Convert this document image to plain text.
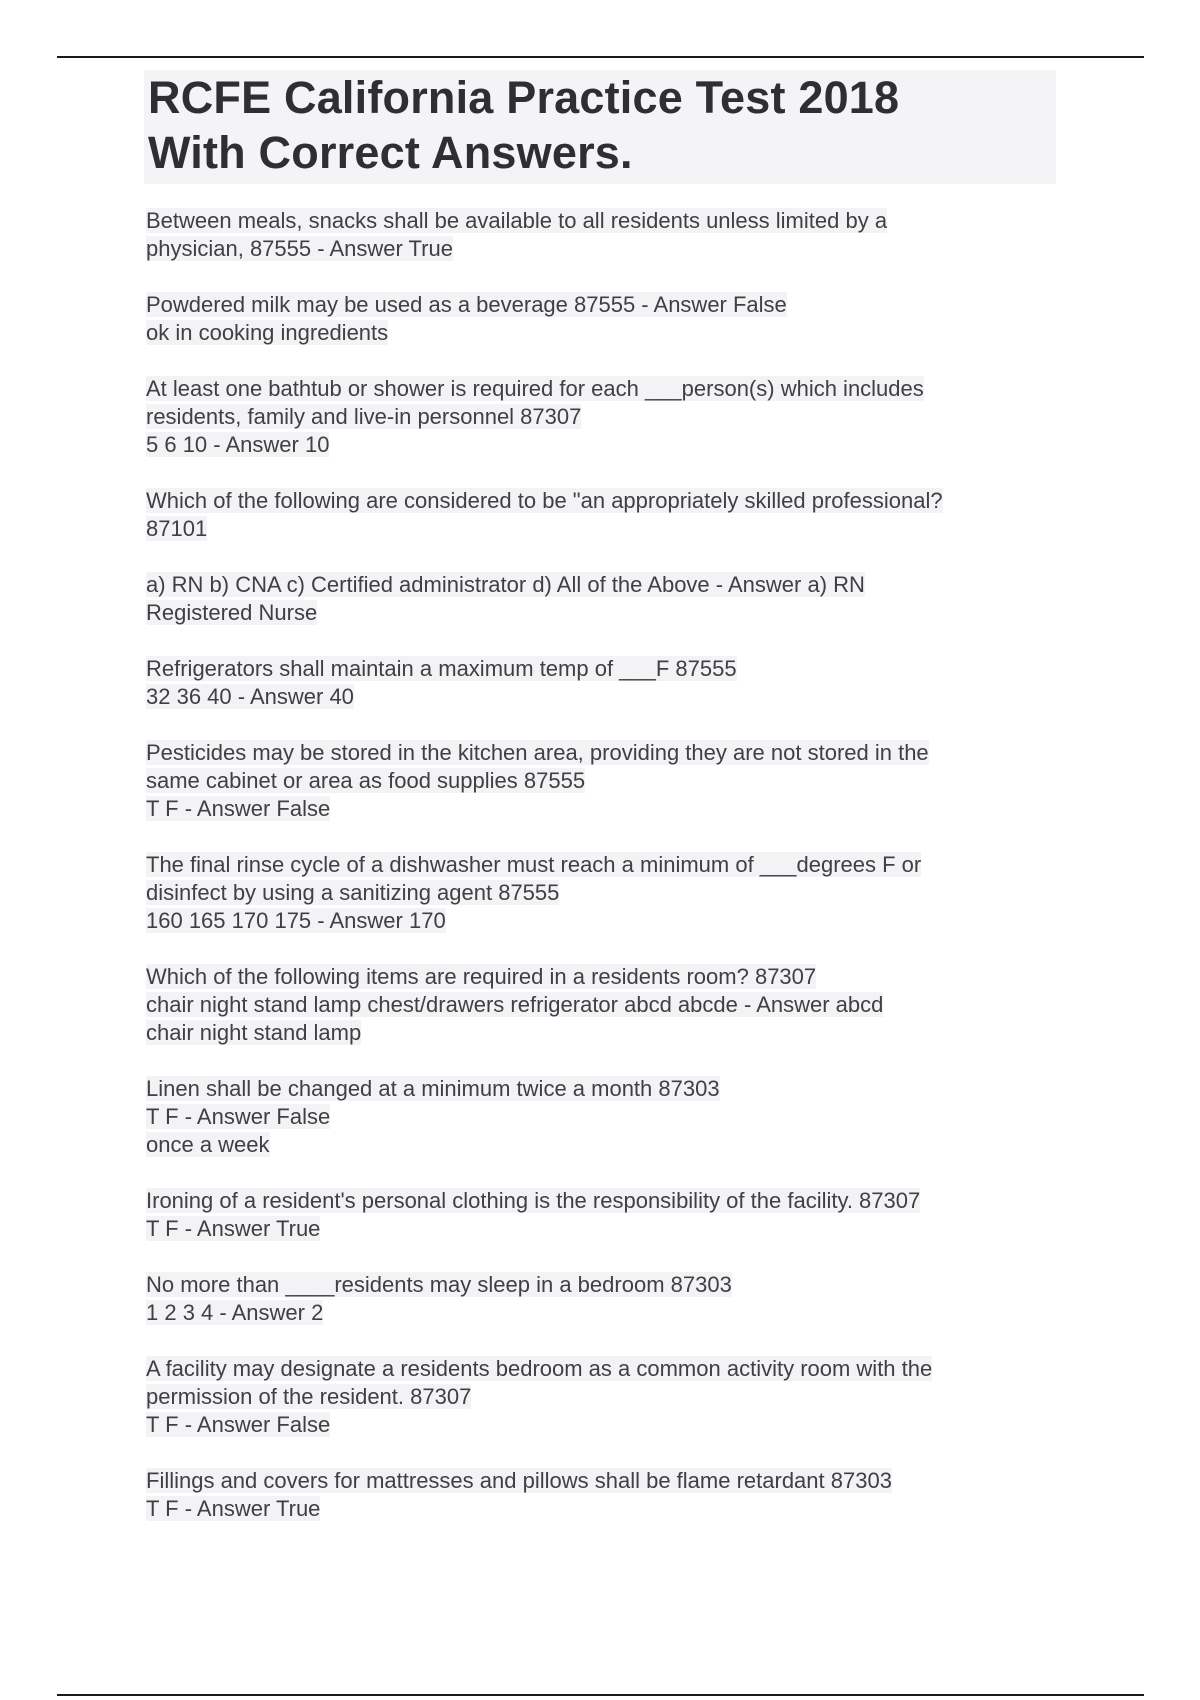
RCFE California Practice Test 2018
With Correct Answers.
Between meals, snacks shall be available to all residents unless limited by a
physician, 87555 - Answer True
Powdered milk may be used as a beverage 87555 - Answer False
ok in cooking ingredients
At least one bathtub or shower is required for each ___person(s) which includes
residents, family and live-in personnel 87307
5 6 10 - Answer 10
Which of the following are considered to be "an appropriately skilled professional?
87101
a) RN b) CNA c) Certified administrator d) All of the Above - Answer a) RN
Registered Nurse
Refrigerators shall maintain a maximum temp of ___F 87555
32 36 40 - Answer 40
Pesticides may be stored in the kitchen area, providing they are not stored in the
same cabinet or area as food supplies 87555
T F - Answer False
The final rinse cycle of a dishwasher must reach a minimum of ___degrees F or
disinfect by using a sanitizing agent 87555
160 165 170 175 - Answer 170
Which of the following items are required in a residents room? 87307
chair night stand lamp chest/drawers refrigerator abcd abcde - Answer abcd
chair night stand lamp
Linen shall be changed at a minimum twice a month 87303
T F - Answer False
once a week
Ironing of a resident's personal clothing is the responsibility of the facility. 87307
T F - Answer True
No more than ____residents may sleep in a bedroom 87303
1 2 3 4 - Answer 2
A facility may designate a residents bedroom as a common activity room with the
permission of the resident. 87307
T F - Answer False
Fillings and covers for mattresses and pillows shall be flame retardant 87303
T F - Answer True
